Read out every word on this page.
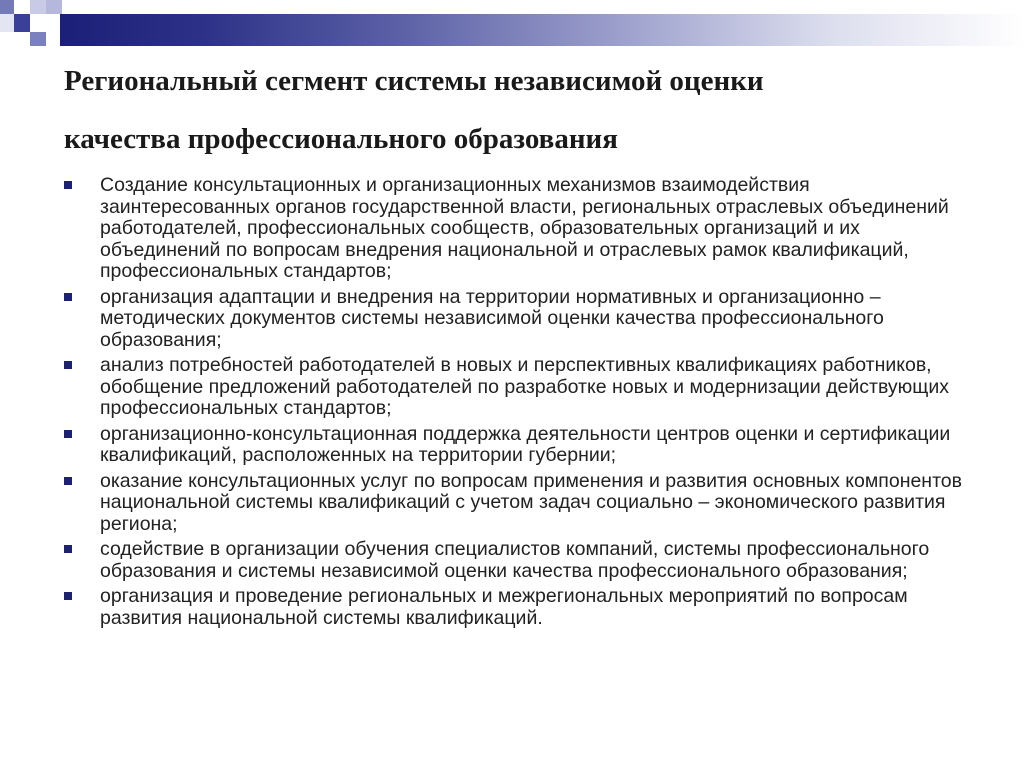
Региональный сегмент системы независимой оценки
качества профессионального образования
Создание консультационных и организационных механизмов взаимодействия заинтересованных органов государственной власти, региональных отраслевых объединений работодателей, профессиональных сообществ, образовательных организаций и их объединений по вопросам внедрения национальной и отраслевых рамок квалификаций, профессиональных стандартов;
организация адаптации и внедрения на территории нормативных и организационно – методических документов системы независимой оценки качества профессионального образования;
анализ потребностей работодателей в новых и перспективных квалификациях работников, обобщение предложений работодателей по разработке новых и модернизации действующих профессиональных стандартов;
организационно-консультационная поддержка деятельности центров оценки и сертификации квалификаций, расположенных на территории губернии;
оказание консультационных услуг по вопросам применения и развития основных компонентов национальной системы квалификаций с учетом задач социально – экономического развития региона;
содействие в организации обучения специалистов компаний, системы профессионального образования и системы независимой оценки качества профессионального образования;
организация и проведение региональных и межрегиональных мероприятий по вопросам развития национальной системы квалификаций.
